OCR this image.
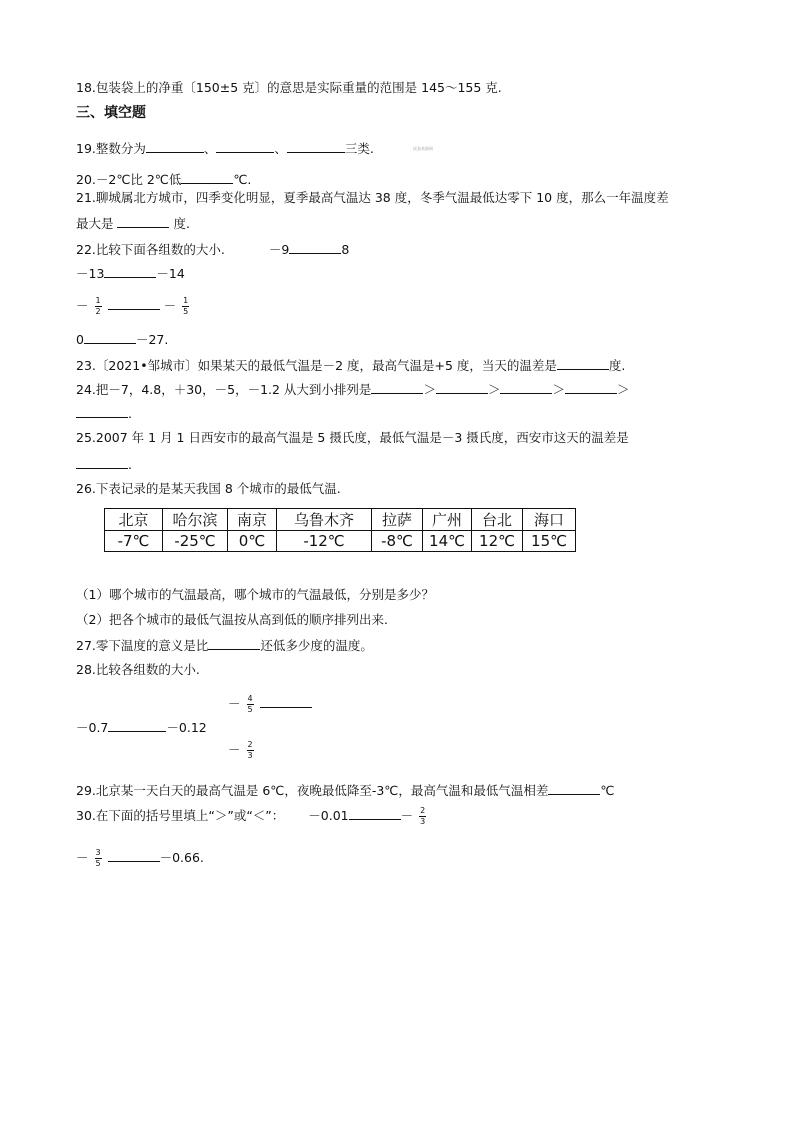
18.包装袋上的净重〔150±5 克〕的意思是实际重量的范围是 145～155 克.
三、填空题
19.整数分为	、	、	三类.	试卷来源网
20.－2℃比 2℃低	℃.
21.聊城属北方城市，四季变化明显，夏季最高气温达 38 度，冬季气温最低达零下 10 度，那么一年温度差
最大是	度.
22.比较下面各组数的大小.	－9	8
－13	－14
－ $\frac{1}{2}$	－ $\frac{1}{5}$
0	－27.
23.〔2021•邹城市〕如果某天的最低气温是－2 度，最高气温是+5 度，当天的温差是	度.
24.把－7，4.8，＋30，－5，－1.2 从大到小排列是	＞	＞	＞	＞
.
25.2007 年 1 月 1 日西安市的最高气温是 5 摄氏度，最低气温是－3 摄氏度，西安市这天的温差是
.
26.下表记录的是某天我国 8 个城市的最低气温.
北京	哈尔滨	南京	乌鲁木齐	拉萨	广州	台北	海口
-7℃	-25℃	0℃	-12℃	-8℃	14℃	12℃	15℃
（1）哪个城市的气温最高，哪个城市的气温最低，分别是多少？
（2）把各个城市的最低气温按从高到低的顺序排列出来.
27.零下温度的意义是比	还低多少度的温度。
28.比较各组数的大小.
－0.7	－0.12
－ $\frac{4}{5}$

－ $\frac{2}{3}$
29.北京某一天白天的最高气温是 6℃，夜晚最低降至-3℃，最高气温和最低气温相差	℃
30.在下面的括号里填上“＞”或“＜”： －0.01	－ $\frac{2}{3}$
－ $\frac{3}{5}$	－0.66.
